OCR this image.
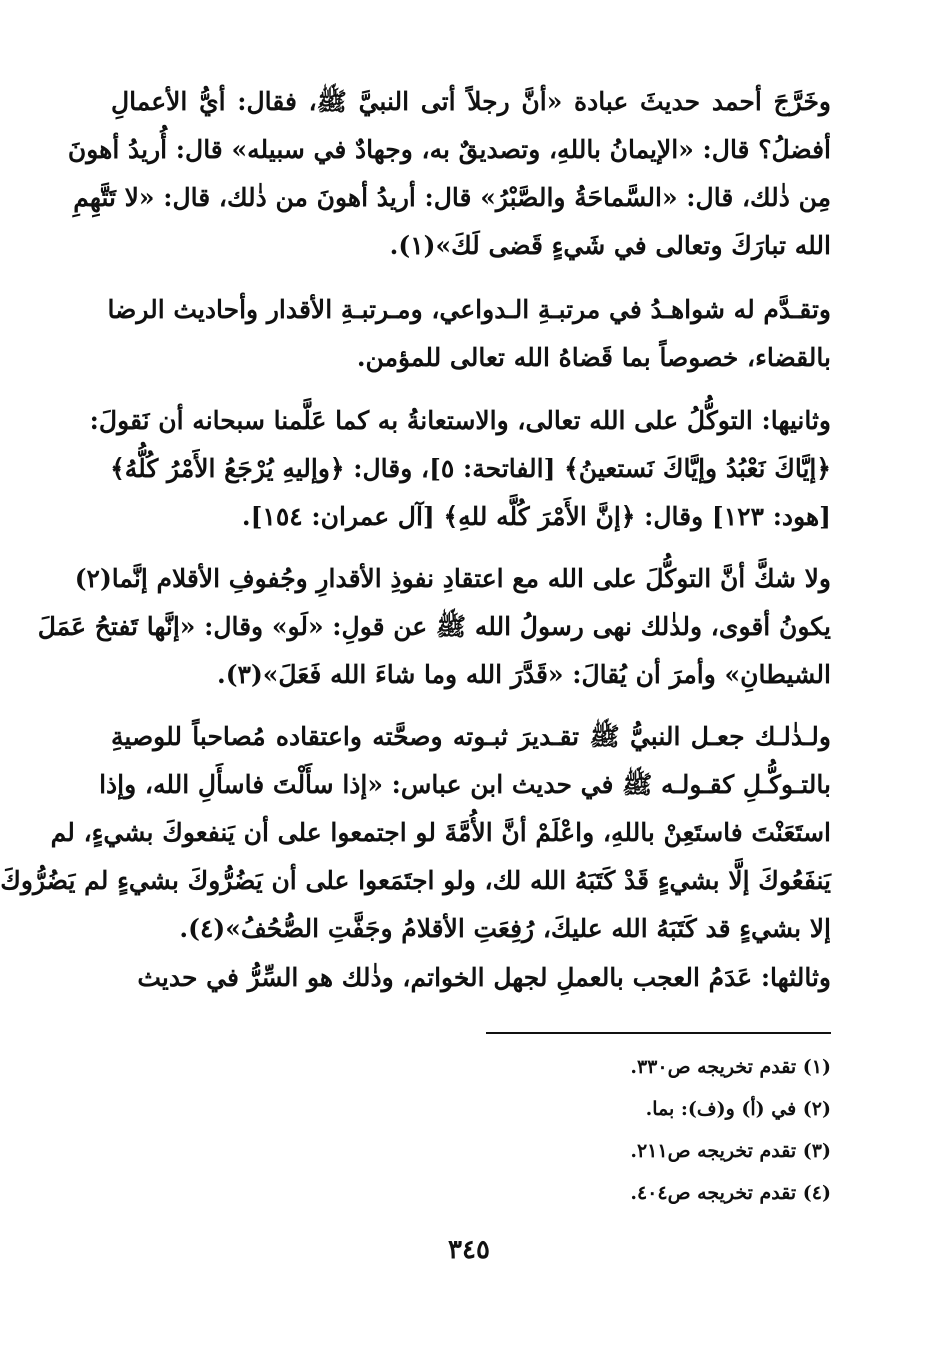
وخَرَّجَ أحمد حديثَ عبادة «أنَّ رجلاً أتى النبيَّ ﷺ، فقال: أيُّ الأعمالِ
أفضلُ؟ قال: «الإيمانُ باللهِ، وتصديقٌ به، وجهادٌ في سبيله» قال: أُريدُ أهونَ
مِن ذٰلك، قال: «السَّماحَةُ والصَّبْرُ» قال: أريدُ أهونَ من ذٰلك، قال: «لا تَتَّهِمِ
الله تبارَكَ وتعالى في شَيءٍ قَضى لَكَ»(١).
وتقـدَّم له شواهـدُ في مرتبـةِ الـدواعي، ومـرتبـةِ الأقدار وأحاديث الرضا
بالقضاء، خصوصاً بما قَضاهُ الله تعالى للمؤمن.
وثانيها: التوكُّلُ على الله تعالى، والاستعانةُ به كما عَلَّمنا سبحانه أن نَقولَ:
﴿إيَّاكَ نَعْبُدُ وإيَّاكَ نَستعينُ﴾ [الفاتحة: ٥]، وقال: ﴿وإليهِ يُرْجَعُ الأَمْرُ كُلُّهُ﴾
[هود: ١٢٣] وقال: ﴿إنَّ الأَمْرَ كُلَّه للهِ﴾ [آل عمران: ١٥٤].
ولا شكَّ أنَّ التوكُّلَ على الله مع اعتقادِ نفوذِ الأقدارِ وجُفوفِ الأقلام إنَّما(٢)
يكونُ أقوى، ولذٰلك نهى رسولُ الله ﷺ عن قولِ: «لَو» وقال: «إنَّها تَفتحُ عَمَلَ
الشيطانِ» وأمرَ أن يُقالَ: «قَدَّرَ الله وما شاءَ الله فَعَلَ»(٣).
ولـذٰلـك جعـل النبيُّ ﷺ تقـديرَ ثبـوته وصحَّته واعتقاده مُصاحباً للوصيةِ
بالتـوكُّـلِ كقـولـه ﷺ في حديث ابن عباس: «إذا سأَلْتَ فاسأَلِ الله، وإذا
استَعَنْتَ فاستَعِنْ باللهِ، واعْلَمْ أنَّ الأُمَّةَ لو اجتمعوا على أن يَنفعوكَ بشيءٍ، لم
يَنفَعُوكَ إلَّا بشيءٍ قَدْ كَتَبَهُ الله لك، ولو اجتَمَعوا على أن يَضُرُّوكَ بشيءٍ لم يَضُرُّوكَ
إلا بشيءٍ قد كَتَبَهُ الله عليكَ، رُفِعَتِ الأقلامُ وجَفَّتِ الصُّحُفُ»(٤).
وثالثها: عَدَمُ العجب بالعملِ لجهل الخواتم، وذٰلك هو السِّرُّ في حديث
(١) تقدم تخريجه ص٣٣٠.
(٢) في (أ) و(ف): بما.
(٣) تقدم تخريجه ص٢١١.
(٤) تقدم تخريجه ص٤٠٤.
٣٤٥
